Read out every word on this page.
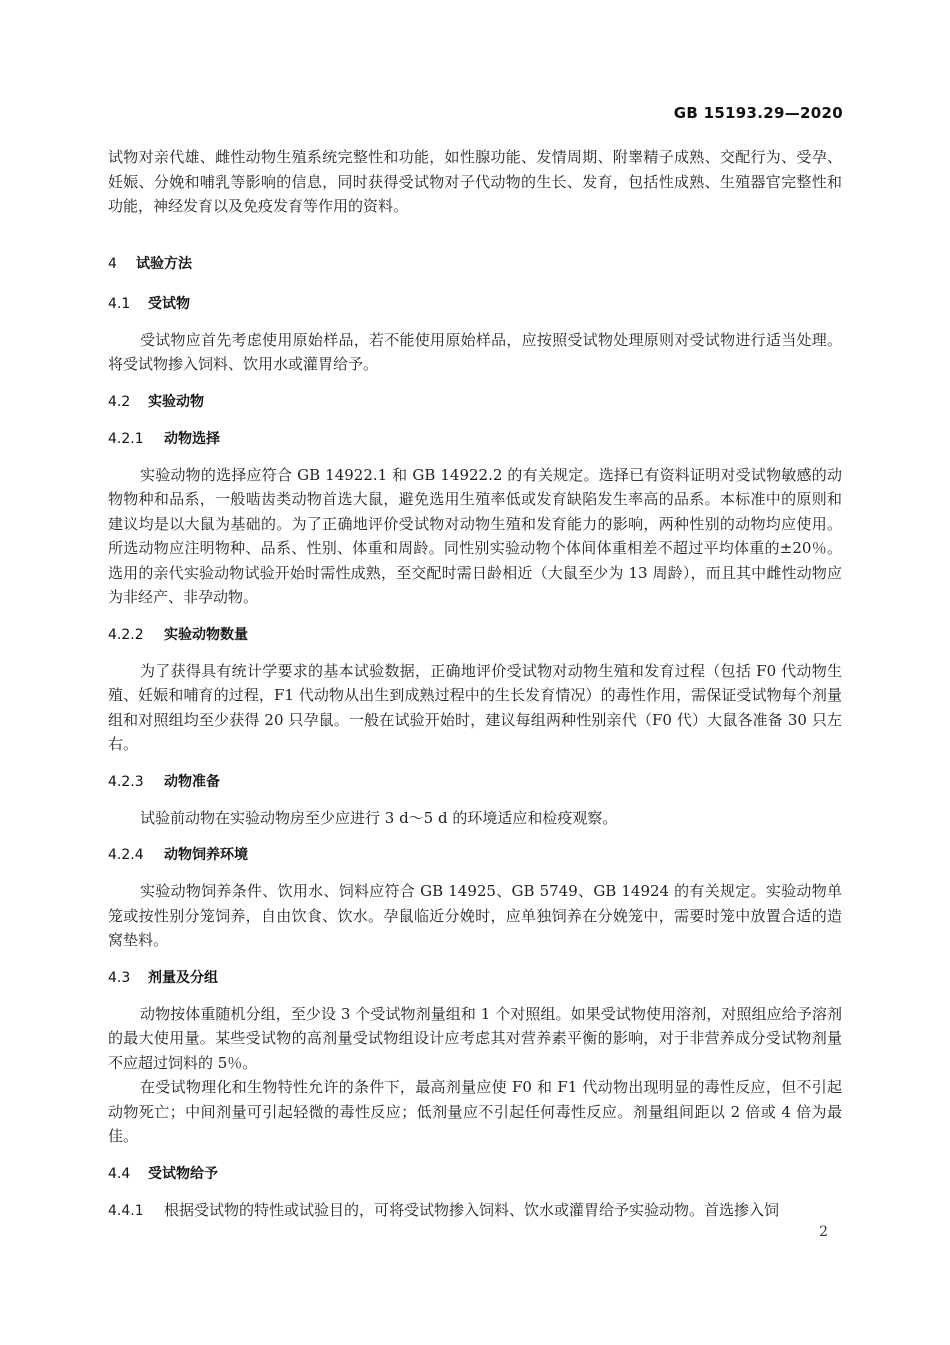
GB 15193.29—2020

试物对亲代雄、雌性动物生殖系统完整性和功能，如性腺功能、发情周期、附睾精子成熟、交配行为、受孕、妊娠、分娩和哺乳等影响的信息，同时获得受试物对子代动物的生长、发育，包括性成熟、生殖器官完整性和功能，神经发育以及免疫发育等作用的资料。

4 试验方法
4.1 受试物

受试物应首先考虑使用原始样品，若不能使用原始样品，应按照受试物处理原则对受试物进行适当处理。将受试物掺入饲料、饮用水或灌胃给予。

4.2 实验动物
4.2.1 动物选择

实验动物的选择应符合 GB 14922.1 和 GB 14922.2 的有关规定。选择已有资料证明对受试物敏感的动物物种和品系，一般啮齿类动物首选大鼠，避免选用生殖率低或发育缺陷发生率高的品系。本标准中的原则和建议均是以大鼠为基础的。为了正确地评价受试物对动物生殖和发育能力的影响，两种性别的动物均应使用。所选动物应注明物种、品系、性别、体重和周龄。同性别实验动物个体间体重相差不超过平均体重的±20％。选用的亲代实验动物试验开始时需性成熟，至交配时需日龄相近（大鼠至少为 13 周龄），而且其中雌性动物应为非经产、非孕动物。

4.2.2 实验动物数量

为了获得具有统计学要求的基本试验数据，正确地评价受试物对动物生殖和发育过程（包括 F0 代动物生殖、妊娠和哺育的过程，F1 代动物从出生到成熟过程中的生长发育情况）的毒性作用，需保证受试物每个剂量组和对照组均至少获得 20 只孕鼠。一般在试验开始时，建议每组两种性别亲代（F0 代）大鼠各准备 30 只左右。

4.2.3 动物准备

试验前动物在实验动物房至少应进行 3 d～5 d 的环境适应和检疫观察。

4.2.4 动物饲养环境

实验动物饲养条件、饮用水、饲料应符合 GB 14925、GB 5749、GB 14924 的有关规定。实验动物单笼或按性别分笼饲养，自由饮食、饮水。孕鼠临近分娩时，应单独饲养在分娩笼中，需要时笼中放置合适的造窝垫料。

4.3 剂量及分组

动物按体重随机分组，至少设 3 个受试物剂量组和 1 个对照组。如果受试物使用溶剂，对照组应给予溶剂的最大使用量。某些受试物的高剂量受试物组设计应考虑其对营养素平衡的影响，对于非营养成分受试物剂量不应超过饲料的 5％。

在受试物理化和生物特性允许的条件下，最高剂量应使 F0 和 F1 代动物出现明显的毒性反应，但不引起动物死亡；中间剂量可引起轻微的毒性反应；低剂量应不引起任何毒性反应。剂量组间距以 2 倍或 4 倍为最佳。

4.4 受试物给予

4.4.1 根据受试物的特性或试验目的，可将受试物掺入饲料、饮水或灌胃给予实验动物。首选掺入饲

2
